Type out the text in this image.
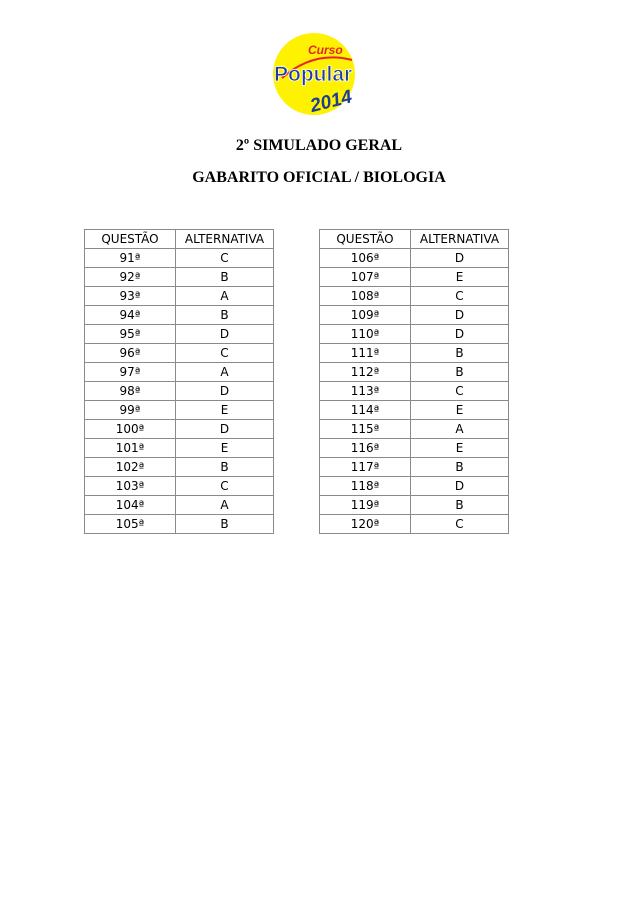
Curso
Popular
2014
2º SIMULADO GERAL
GABARITO OFICIAL / BIOLOGIA
QUESTÃO	ALTERNATIVA
91ª	C
92ª	B
93ª	A
94ª	B
95ª	D
96ª	C
97ª	A
98ª	D
99ª	E
100ª	D
101ª	E
102ª	B
103ª	C
104ª	A
105ª	B
QUESTÃO	ALTERNATIVA
106ª	D
107ª	E
108ª	C
109ª	D
110ª	D
111ª	B
112ª	B
113ª	C
114ª	E
115ª	A
116ª	E
117ª	B
118ª	D
119ª	B
120ª	C
